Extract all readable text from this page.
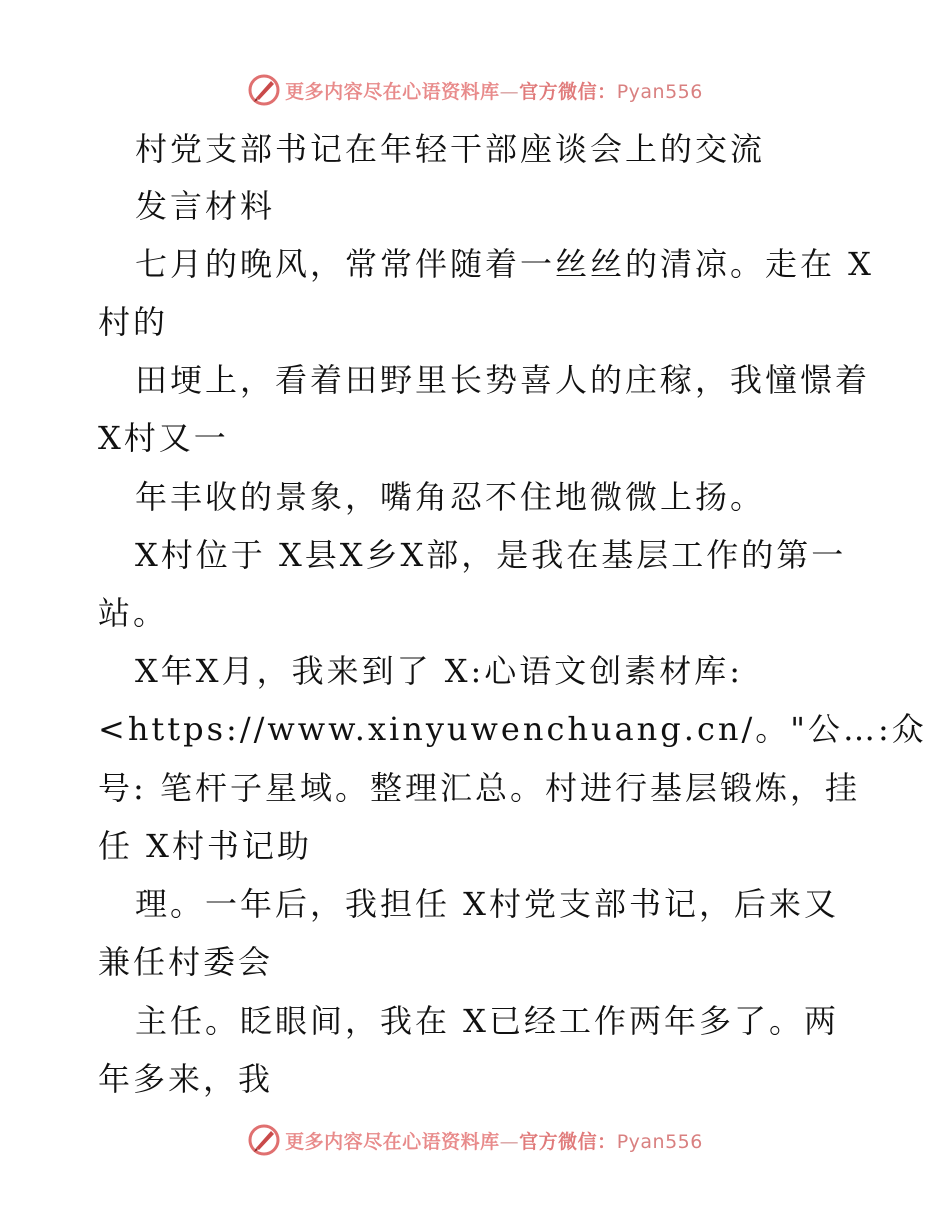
更多内容尽在心语资料库—官方微信：Pyan556
村党支部书记在年轻干部座谈会上的交流
发言材料
七月的晚风，常常伴随着一丝丝的清凉。走在 X
村的
田埂上，看着田野里长势喜人的庄稼，我憧憬着
X村又一
年丰收的景象，嘴角忍不住地微微上扬。
X村位于 X县X乡X部，是我在基层工作的第一
站。
X年X月，我来到了 X:心语文创素材库:
<https://www.xinyuwenchuang.cn/。"公…:众
号: 笔杆子星域。整理汇总。村进行基层锻炼，挂
任 X村书记助
理。一年后，我担任 X村党支部书记，后来又
兼任村委会
主任。眨眼间，我在 X已经工作两年多了。两
年多来，我
更多内容尽在心语资料库—官方微信：Pyan556
